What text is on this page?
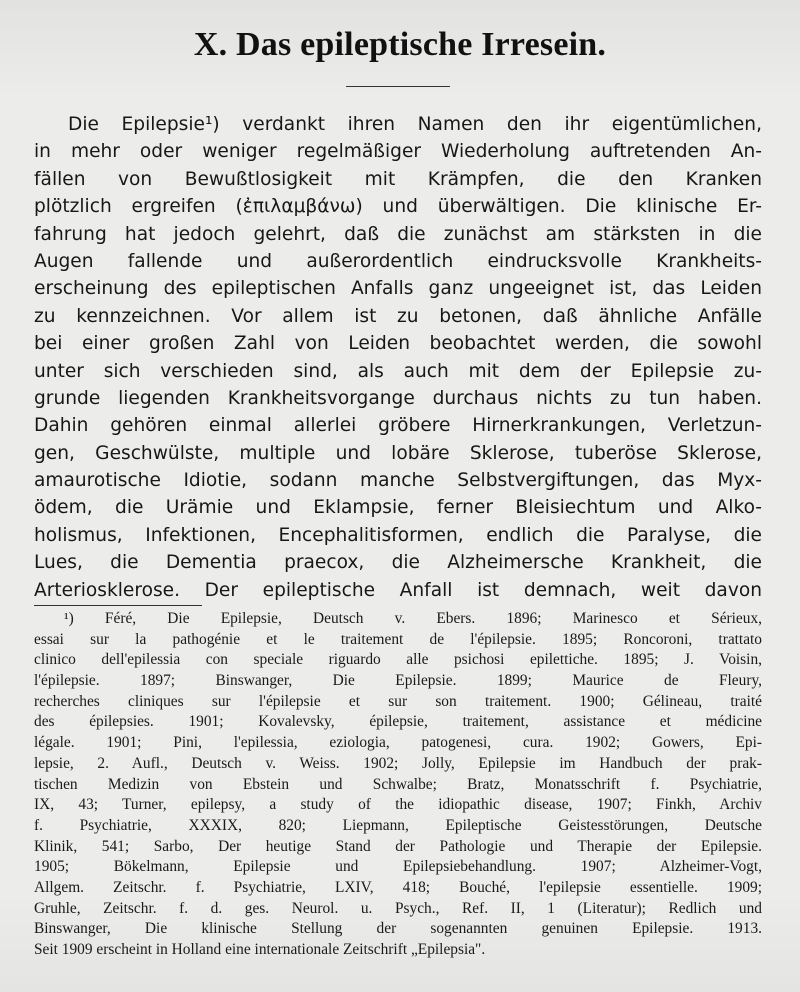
X. Das epileptische Irresein.
Die Epilepsie¹) verdankt ihren Namen den ihr eigentümlichen,
in mehr oder weniger regelmäßiger Wiederholung auftretenden An-
fällen von Bewußtlosigkeit mit Krämpfen, die den Kranken
plötzlich ergreifen (ἐπιλαμβάνω) und überwältigen. Die klinische Er-
fahrung hat jedoch gelehrt, daß die zunächst am stärksten in die
Augen fallende und außerordentlich eindrucksvolle Krankheits-
erscheinung des epileptischen Anfalls ganz ungeeignet ist, das Leiden
zu kennzeichnen. Vor allem ist zu betonen, daß ähnliche Anfälle
bei einer großen Zahl von Leiden beobachtet werden, die sowohl
unter sich verschieden sind, als auch mit dem der Epilepsie zu-
grunde liegenden Krankheitsvorgange durchaus nichts zu tun haben.
Dahin gehören einmal allerlei gröbere Hirnerkrankungen, Verletzun-
gen, Geschwülste, multiple und lobäre Sklerose, tuberöse Sklerose,
amaurotische Idiotie, sodann manche Selbstvergiftungen, das Myx-
ödem, die Urämie und Eklampsie, ferner Bleisiechtum und Alko-
holismus, Infektionen, Encephalitisformen, endlich die Paralyse, die
Lues, die Dementia praecox, die Alzheimersche Krankheit, die
Arteriosklerose. Der epileptische Anfall ist demnach, weit davon
¹) Féré, Die Epilepsie, Deutsch v. Ebers. 1896; Marinesco et Sérieux,
essai sur la pathogénie et le traitement de l'épilepsie. 1895; Roncoroni, trattato
clinico dell'epilessia con speciale riguardo alle psichosi epilettiche. 1895; J. Voisin,
l'épilepsie. 1897; Binswanger, Die Epilepsie. 1899; Maurice de Fleury,
recherches cliniques sur l'épilepsie et sur son traitement. 1900; Gélineau, traité
des épilepsies. 1901; Kovalevsky, épilepsie, traitement, assistance et médicine
légale. 1901; Pini, l'epilessia, eziologia, patogenesi, cura. 1902; Gowers, Epi-
lepsie, 2. Aufl., Deutsch v. Weiss. 1902; Jolly, Epilepsie im Handbuch der prak-
tischen Medizin von Ebstein und Schwalbe; Bratz, Monatsschrift f. Psychiatrie,
IX, 43; Turner, epilepsy, a study of the idiopathic disease, 1907; Finkh, Archiv
f. Psychiatrie, XXXIX, 820; Liepmann, Epileptische Geistesstörungen, Deutsche
Klinik, 541; Sarbo, Der heutige Stand der Pathologie und Therapie der Epilepsie.
1905; Bökelmann, Epilepsie und Epilepsiebehandlung. 1907; Alzheimer-Vogt,
Allgem. Zeitschr. f. Psychiatrie, LXIV, 418; Bouché, l'epilepsie essentielle. 1909;
Gruhle, Zeitschr. f. d. ges. Neurol. u. Psych., Ref. II, 1 (Literatur); Redlich und
Binswanger, Die klinische Stellung der sogenannten genuinen Epilepsie. 1913.
Seit 1909 erscheint in Holland eine internationale Zeitschrift „Epilepsia".
